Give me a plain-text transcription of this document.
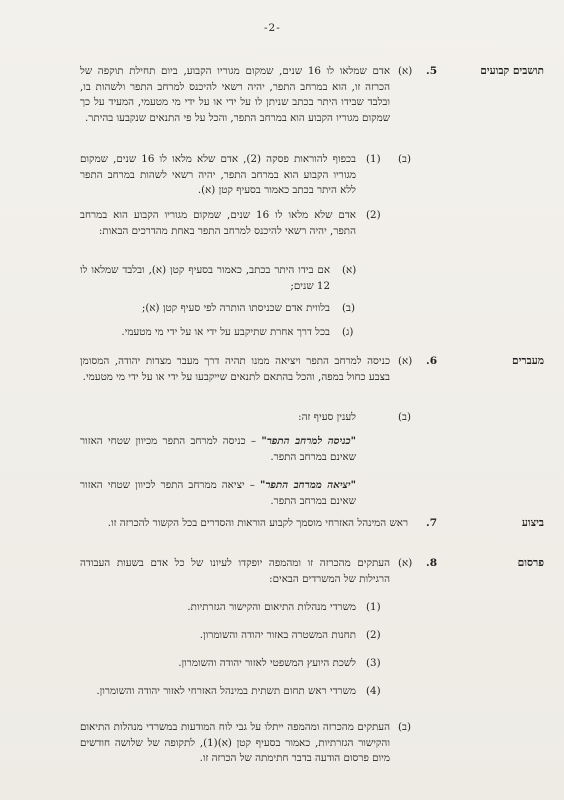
-2-
תושבים קבועים
.5
(א)
אדם שמלאו לו 16 שנים, שמקום מגוריו הקבוע, ביום תחילת תוקפה של הכרזה זו, הוא במרחב התפר, יהיה רשאי להיכנס למרחב התפר ולשהות בו, ובלבד שבידו היתר בכתב שניתן לו על ידי או על ידי מי מטעמי, המעיד על כך שמקום מגוריו הקבוע הוא במרחב התפר, והכל על פי התנאים שנקבעו בהיתר.
(ב)
(1)
בכפוף להוראות פסקה (2), אדם שלא מלאו לו 16 שנים, שמקום מגוריו הקבוע הוא במרחב התפר, יהיה רשאי לשהות במרחב התפר ללא היתר בכתב כאמור בסעיף קטן (א).
(2)
אדם שלא מלאו לו 16 שנים, שמקום מגוריו הקבוע הוא במרחב התפר, יהיה רשאי להיכנס למרחב התפר באחת מהדרכים הבאות:
(א)
אם בידו היתר בכתב, כאמור בסעיף קטן (א), ובלבד שמלאו לו 12 שנים;
(ב)
בלווית אדם שכניסתו הותרה לפי סעיף קטן (א);
(ג)
בכל דרך אחרת שתיקבע על ידי או על ידי מי מטעמי.
מעברים
.6
(א)
כניסה למרחב התפר ויציאה ממנו תהיה דרך מעבר מצדות יהודה, המסומן בצבע כחול במפה, והכל בהתאם לתנאים שייקבעו על ידי או על ידי מי מטעמי.
(ב)
לענין סעיף זה:
"כניסה למרחב התפר" – כניסה למרחב התפר מכיוון שטחי האזור שאינם במרחב התפר.
"יציאה ממרחב התפר" – יציאה ממרחב התפר לכיוון שטחי האזור שאינם במרחב התפר.
ביצוע
.7
ראש המינהל האזרחי מוסמך לקבוע הוראות והסדרים בכל הקשור להכרזה זו.
פרסום
.8
(א)
העתקים מהכרזה זו ומהמפה יופקדו לעיונו של כל אדם בשעות העבודה הרגילות של המשרדים הבאים:
(1)
משרדי מנהלות התיאום והקישור הגזרתיות.
(2)
תחנות המשטרה באזור יהודה והשומרון.
(3)
לשכת היועץ המשפטי לאזור יהודה והשומרון.
(4)
משרדי ראש תחום תשתית במינהל האזרחי לאזור יהודה והשומרון.
(ב)
העתקים מהכרזה ומהמפה ייתלו על גבי לוח המודעות במשרדי מנהלות התיאום והקישור הגזרתיות, כאמור בסעיף קטן (א)(1), לתקופה של שלושה חודשים מיום פרסום הודעה בדבר חתימתה של הכרזה זו.
